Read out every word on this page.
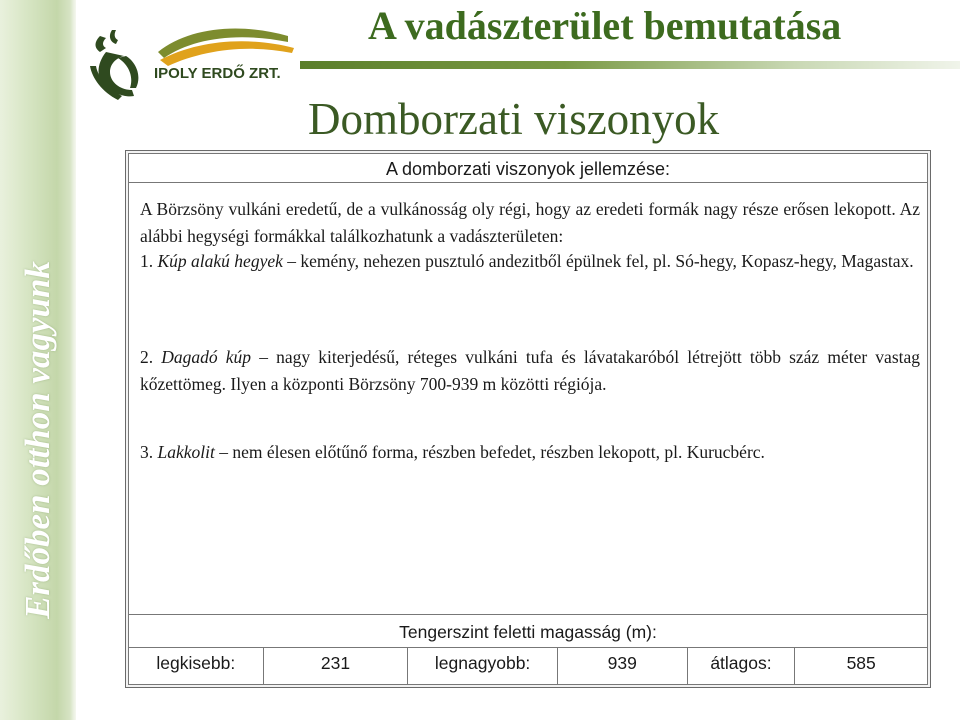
Erdőben otthon vagyunk
IPOLY ERDŐ ZRT.
A vadászterület bemutatása
Domborzati viszonyok
A domborzati viszonyok jellemzése:
A Börzsöny vulkáni eredetű, de a vulkánosság oly régi, hogy az eredeti formák nagy része erősen lekopott. Az alábbi hegységi formákkal találkozhatunk a vadászterületen:
1. Kúp alakú hegyek – kemény, nehezen pusztuló andezitből épülnek fel, pl. Só-hegy, Kopasz-hegy, Magastax.
2. Dagadó kúp – nagy kiterjedésű, réteges vulkáni tufa és lávatakaróból létrejött több száz méter vastag kőzettömeg. Ilyen a központi Börzsöny 700-939 m közötti régiója.
3. Lakkolit – nem élesen előtűnő forma, részben befedet, részben lekopott, pl. Kurucbérc.
Tengerszint feletti magasság (m):
legkisebb:	231	legnagyobb:	939	átlagos:	585
